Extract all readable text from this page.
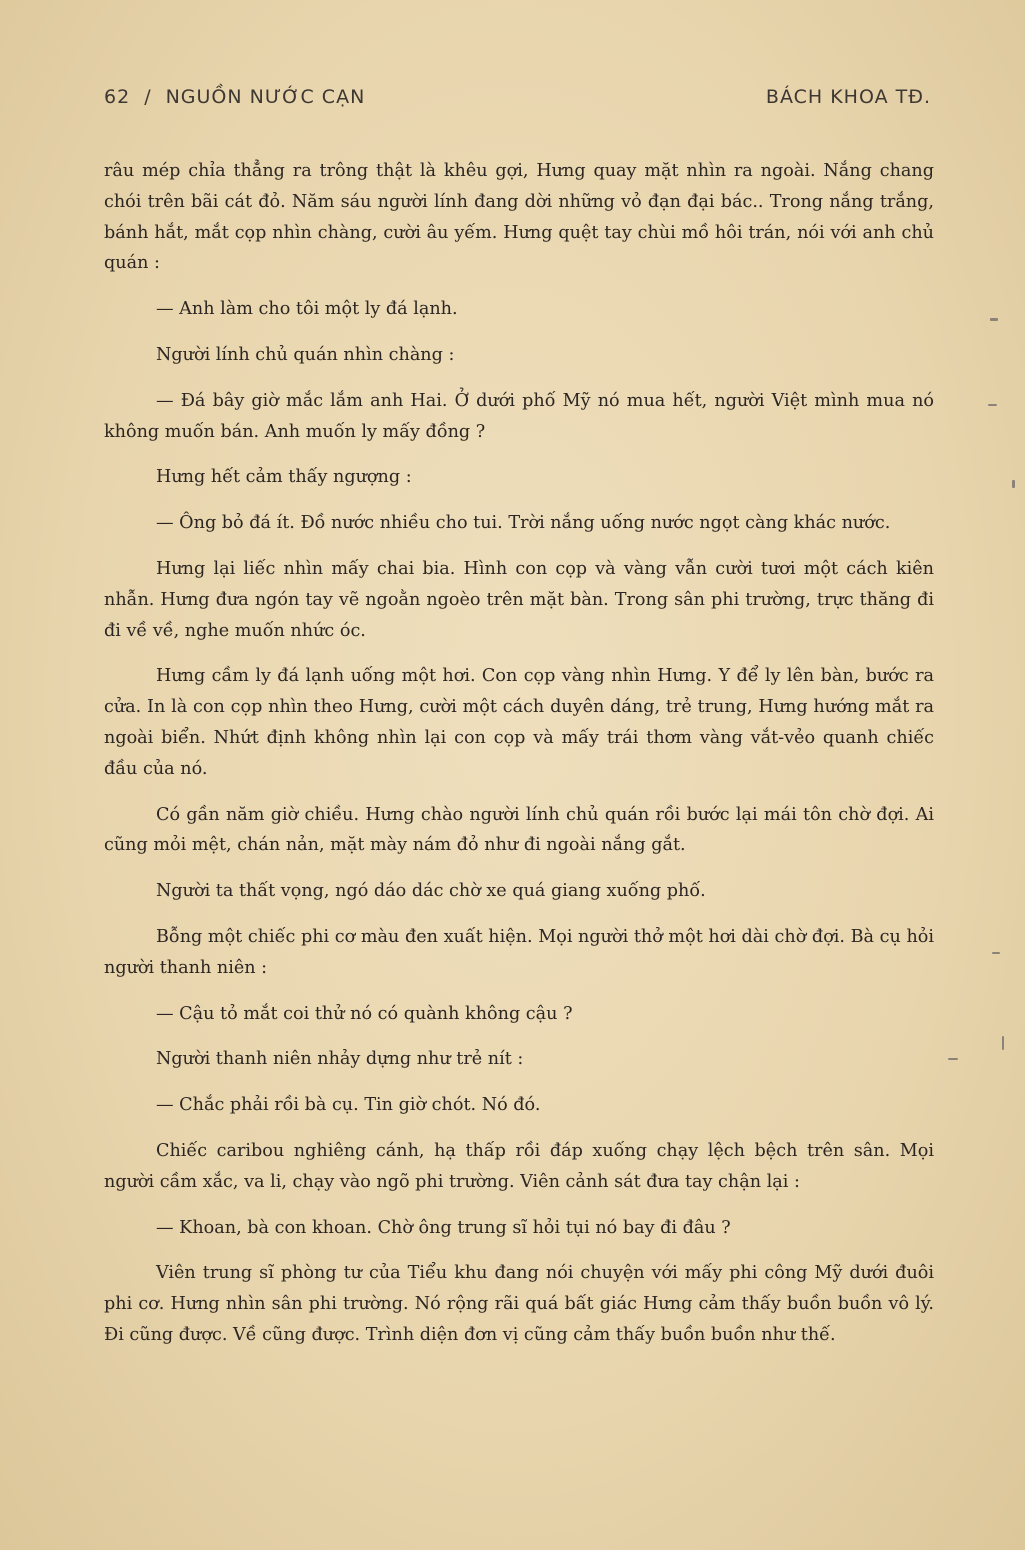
62 / NGUỒN NƯỚC CẠN	BÁCH KHOA TĐ.

râu mép chỉa thẳng ra trông thật là khêu gợi, Hưng quay mặt nhìn ra ngoài. Nắng chang chói trên bãi cát đỏ. Năm sáu người lính đang dời những vỏ đạn đại bác.. Trong nắng trắng, bánh hắt, mắt cọp nhìn chàng, cười âu yếm. Hưng quệt tay chùi mồ hôi trán, nói với anh chủ quán :

— Anh làm cho tôi một ly đá lạnh.

Người lính chủ quán nhìn chàng :

— Đá bây giờ mắc lắm anh Hai. Ở dưới phố Mỹ nó mua hết, người Việt mình mua nó không muốn bán. Anh muốn ly mấy đồng ?

Hưng hết cảm thấy ngượng :

— Ông bỏ đá ít. Đồ nước nhiều cho tui. Trời nắng uống nước ngọt càng khác nước.

Hưng lại liếc nhìn mấy chai bia. Hình con cọp và vàng vẫn cười tươi một cách kiên nhẫn. Hưng đưa ngón tay vẽ ngoằn ngoèo trên mặt bàn. Trong sân phi trường, trực thăng đi đi về về, nghe muốn nhức óc.

Hưng cầm ly đá lạnh uống một hơi. Con cọp vàng nhìn Hưng. Y để ly lên bàn, bước ra cửa. In là con cọp nhìn theo Hưng, cười một cách duyên dáng, trẻ trung, Hưng hướng mắt ra ngoài biển. Nhứt định không nhìn lại con cọp và mấy trái thơm vàng vắt-vẻo quanh chiếc đầu của nó.

Có gần năm giờ chiều. Hưng chào người lính chủ quán rồi bước lại mái tôn chờ đợi. Ai cũng mỏi mệt, chán nản, mặt mày nám đỏ như đi ngoài nắng gắt.

Người ta thất vọng, ngó dáo dác chờ xe quá giang xuống phố.

Bỗng một chiếc phi cơ màu đen xuất hiện. Mọi người thở một hơi dài chờ đợi. Bà cụ hỏi người thanh niên :

— Cậu tỏ mắt coi thử nó có quành không cậu ?

Người thanh niên nhảy dựng như trẻ nít :

— Chắc phải rồi bà cụ. Tin giờ chót. Nó đó.

Chiếc caribou nghiêng cánh, hạ thấp rồi đáp xuống chạy lệch bệch trên sân. Mọi người cầm xắc, va li, chạy vào ngõ phi trường. Viên cảnh sát đưa tay chận lại :

— Khoan, bà con khoan. Chờ ông trung sĩ hỏi tụi nó bay đi đâu ?

Viên trung sĩ phòng tư của Tiểu khu đang nói chuyện với mấy phi công Mỹ dưới đuôi phi cơ. Hưng nhìn sân phi trường. Nó rộng rãi quá bất giác Hưng cảm thấy buồn buồn vô lý. Đi cũng được. Về cũng được. Trình diện đơn vị cũng cảm thấy buồn buồn như thế.
